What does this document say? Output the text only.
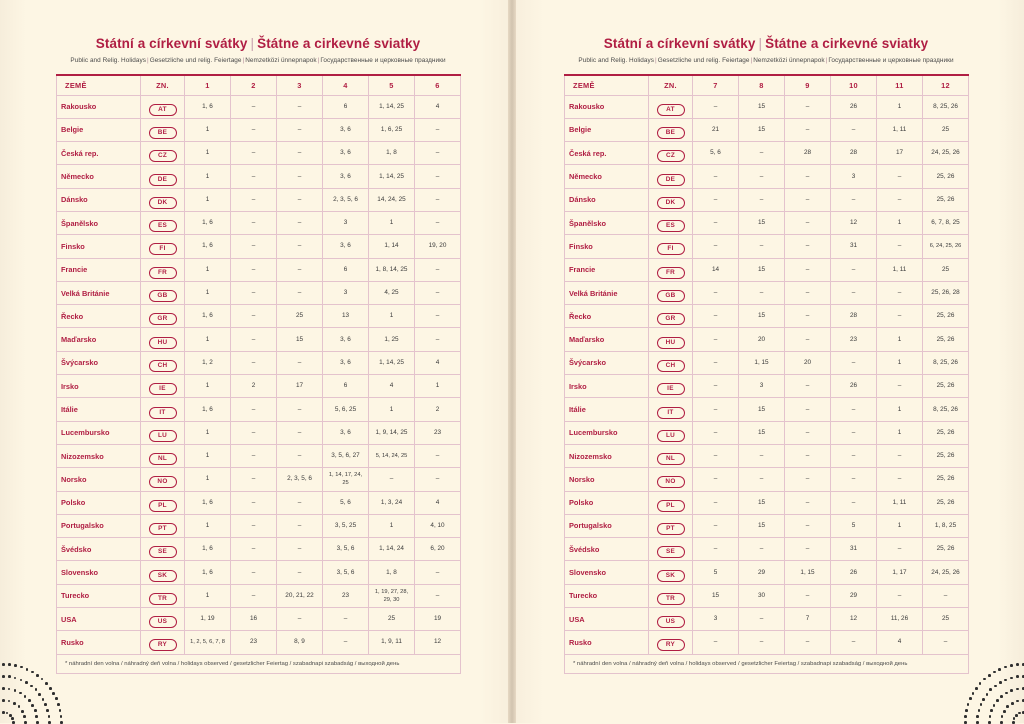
Státní a církevní svátky | Štátne a cirkevné sviatky
Public and Relig. Holidays|Gesetzliche und relig. Feiertage|Nemzetközi ünnepnapok|Государственные и церковные праздники
ZEMĚ	ZN.	1	2	3	4	5	6
Rakousko	AT	1, 6	–	–	6	1, 14, 25	4
Belgie	BE	1	–	–	3, 6	1, 6, 25	–
Česká rep.	CZ	1	–	–	3, 6	1, 8	–
Německo	DE	1	–	–	3, 6	1, 14, 25	–
Dánsko	DK	1	–	–	2, 3, 5, 6	14, 24, 25	–
Španělsko	ES	1, 6	–	–	3	1	–
Finsko	FI	1, 6	–	–	3, 6	1, 14	19, 20
Francie	FR	1	–	–	6	1, 8, 14, 25	–
Velká Británie	GB	1	–	–	3	4, 25	–
Řecko	GR	1, 6	–	25	13	1	–
Maďarsko	HU	1	–	15	3, 6	1, 25	–
Švýcarsko	CH	1, 2	–	–	3, 6	1, 14, 25	4
Irsko	IE	1	2	17	6	4	1
Itálie	IT	1, 6	–	–	5, 6, 25	1	2
Lucembursko	LU	1	–	–	3, 6	1, 9, 14, 25	23
Nizozemsko	NL	1	–	–	3, 5, 6, 27	5, 14, 24, 25	–
Norsko	NO	1	–	2, 3, 5, 6	1, 14, 17, 24, 25	–	–
Polsko	PL	1, 6	–	–	5, 6	1, 3, 24	4
Portugalsko	PT	1	–	–	3, 5, 25	1	4, 10
Švédsko	SE	1, 6	–	–	3, 5, 6	1, 14, 24	6, 20
Slovensko	SK	1, 6	–	–	3, 5, 6	1, 8	–
Turecko	TR	1	–	20, 21, 22	23	1, 19, 27, 28, 29, 30	–
USA	US	1, 19	16	–	–	25	19
Rusko	RY	1, 2, 5, 6, 7, 8	23	8, 9	–	1, 9, 11	12
* náhradní den volna / náhradný deň volna / holidays observed / gesetzlicher Feiertag / szabadnapi szabadság / выходной день							
Státní a církevní svátky | Štátne a cirkevné sviatky
Public and Relig. Holidays|Gesetzliche und relig. Feiertage|Nemzetközi ünnepnapok|Государственные и церковные праздники
ZEMĚ	ZN.	7	8	9	10	11	12
Rakousko	AT	–	15	–	26	1	8, 25, 26
Belgie	BE	21	15	–	–	1, 11	25
Česká rep.	CZ	5, 6	–	28	28	17	24, 25, 26
Německo	DE	–	–	–	3	–	25, 26
Dánsko	DK	–	–	–	–	–	25, 26
Španělsko	ES	–	15	–	12	1	6, 7, 8, 25
Finsko	FI	–	–	–	31	–	6, 24, 25, 26
Francie	FR	14	15	–	–	1, 11	25
Velká Británie	GB	–	–	–	–	–	25, 26, 28
Řecko	GR	–	15	–	28	–	25, 26
Maďarsko	HU	–	20	–	23	1	25, 26
Švýcarsko	CH	–	1, 15	20	–	1	8, 25, 26
Irsko	IE	–	3	–	26	–	25, 26
Itálie	IT	–	15	–	–	1	8, 25, 26
Lucembursko	LU	–	15	–	–	1	25, 26
Nizozemsko	NL	–	–	–	–	–	25, 26
Norsko	NO	–	–	–	–	–	25, 26
Polsko	PL	–	15	–	–	1, 11	25, 26
Portugalsko	PT	–	15	–	5	1	1, 8, 25
Švédsko	SE	–	–	–	31	–	25, 26
Slovensko	SK	5	29	1, 15	26	1, 17	24, 25, 26
Turecko	TR	15	30	–	29	–	–
USA	US	3	–	7	12	11, 26	25
Rusko	RY	–	–	–	–	4	–
* náhradní den volna / náhradný deň volna / holidays observed / gesetzlicher Feiertag / szabadnapi szabadság / выходной день							
